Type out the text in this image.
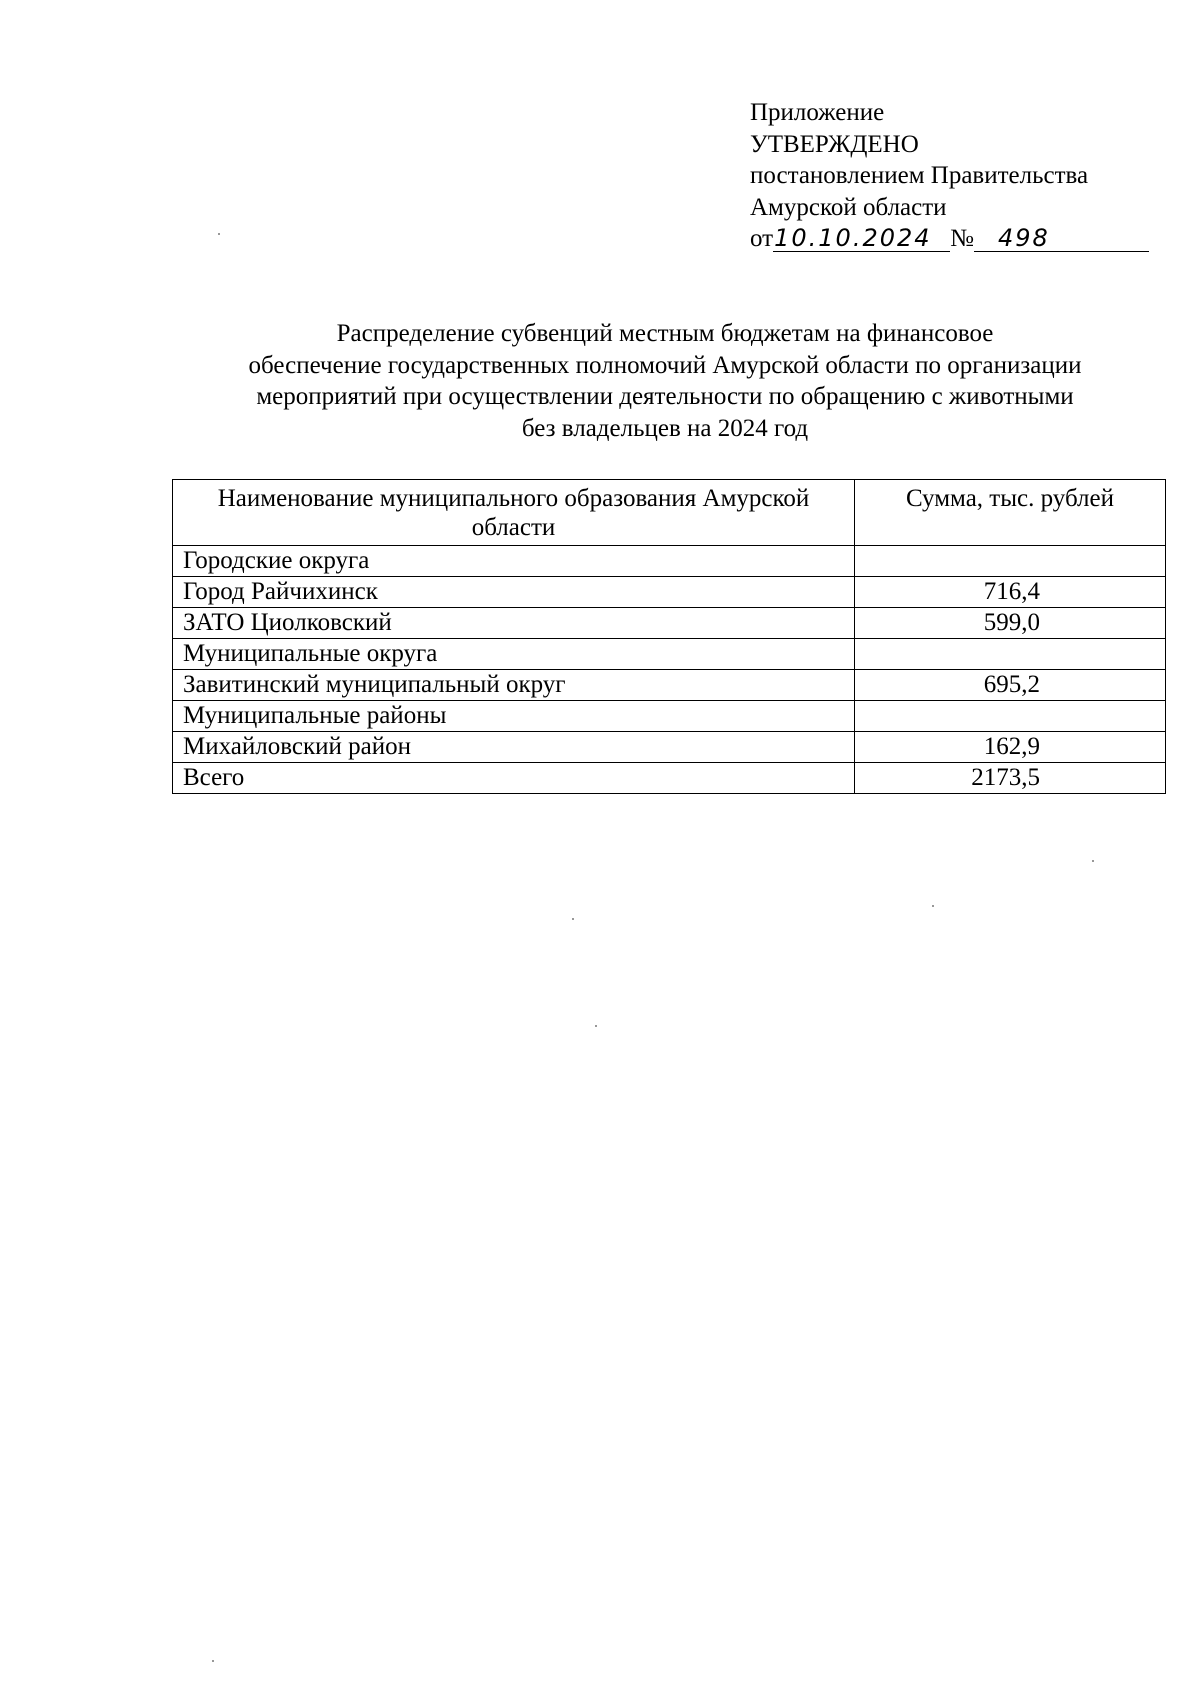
Приложение
УТВЕРЖДЕНО
постановлением Правительства
Амурской области
от 10.10.2024 №	498
Распределение субвенций местным бюджетам на финансовое
обеспечение государственных полномочий Амурской области по организации
мероприятий при осуществлении деятельности по обращению с животными
без владельцев на 2024 год
Наименование муниципального образования Амурской области	Сумма, тыс. рублей
Городские округа	
Город Райчихинск	716,4
ЗАТО Циолковский	599,0
Муниципальные округа	
Завитинский муниципальный округ	695,2
Муниципальные районы	
Михайловский район	162,9
Всего	2173,5
